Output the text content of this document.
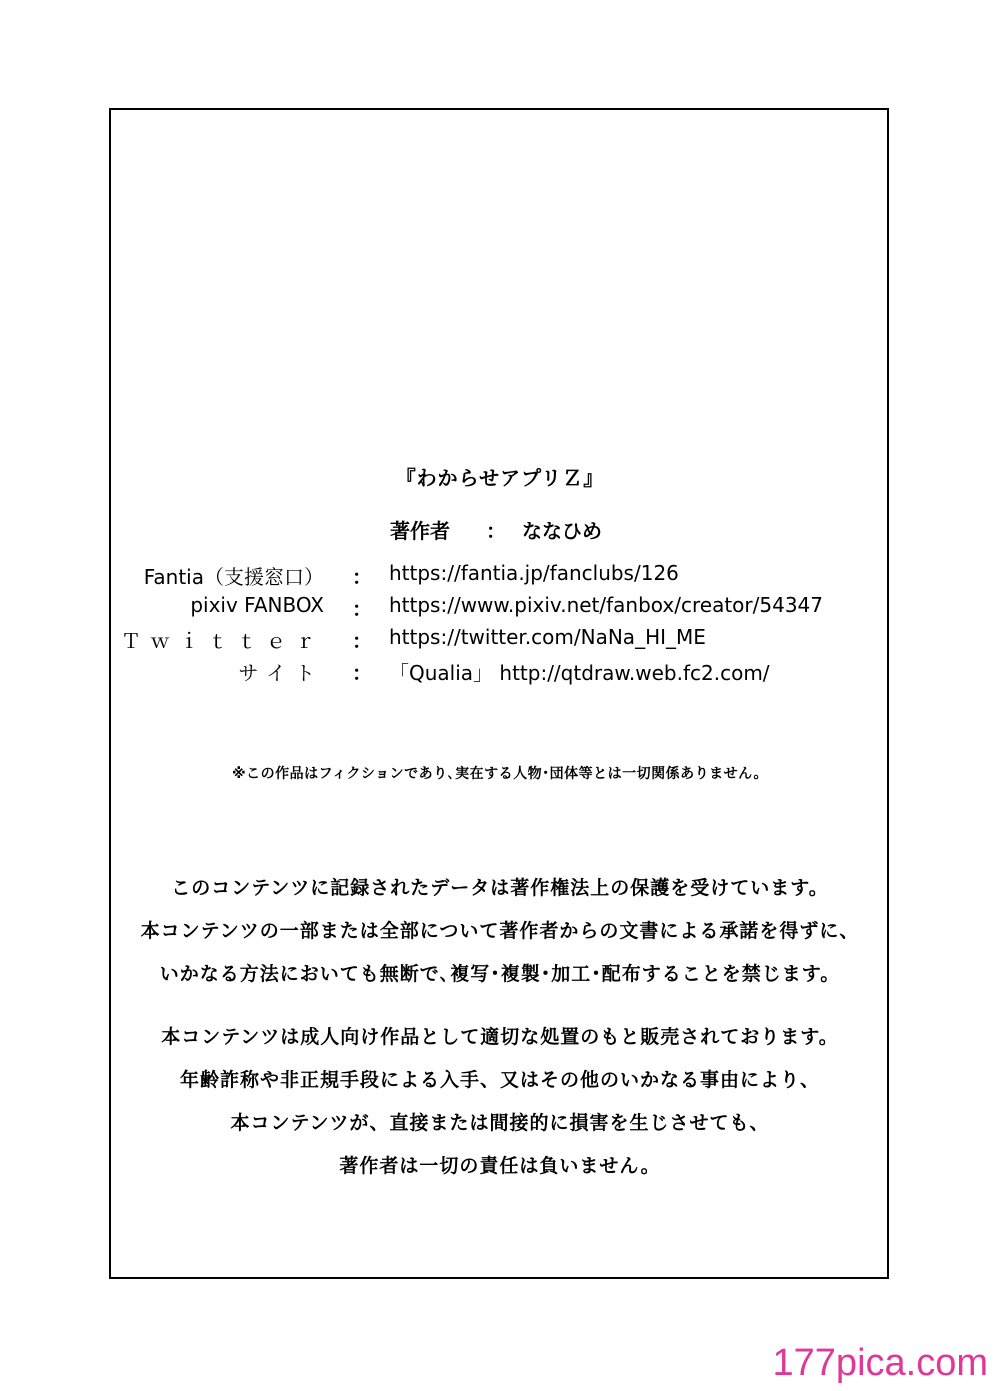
『わからせアプリＺ』
著作者	： ななひめ
Fantia（支援窓口） ： https://fantia.jp/fanclubs/126
pixiv FANBOX ： https://www.pixiv.net/fanbox/creator/54347
Ｔｗｉｔｔｅｒ ： https://twitter.com/NaNa_HI_ME
サイト ： 「Qualia」 http://qtdraw.web.fc2.com/
※この作品はフィクションであり､実在する人物･団体等とは一切関係ありません。
このコンテンツに記録されたデータは著作権法上の保護を受けています。
本コンテンツの一部または全部について著作者からの文書による承諾を得ずに、
いかなる方法においても無断で､複写･複製･加工･配布することを禁じます。
本コンテンツは成人向け作品として適切な処置のもと販売されております。
年齢詐称や非正規手段による入手、又はその他のいかなる事由により、
本コンテンツが、直接または間接的に損害を生じさせても、
著作者は一切の責任は負いません。
177pica.com
